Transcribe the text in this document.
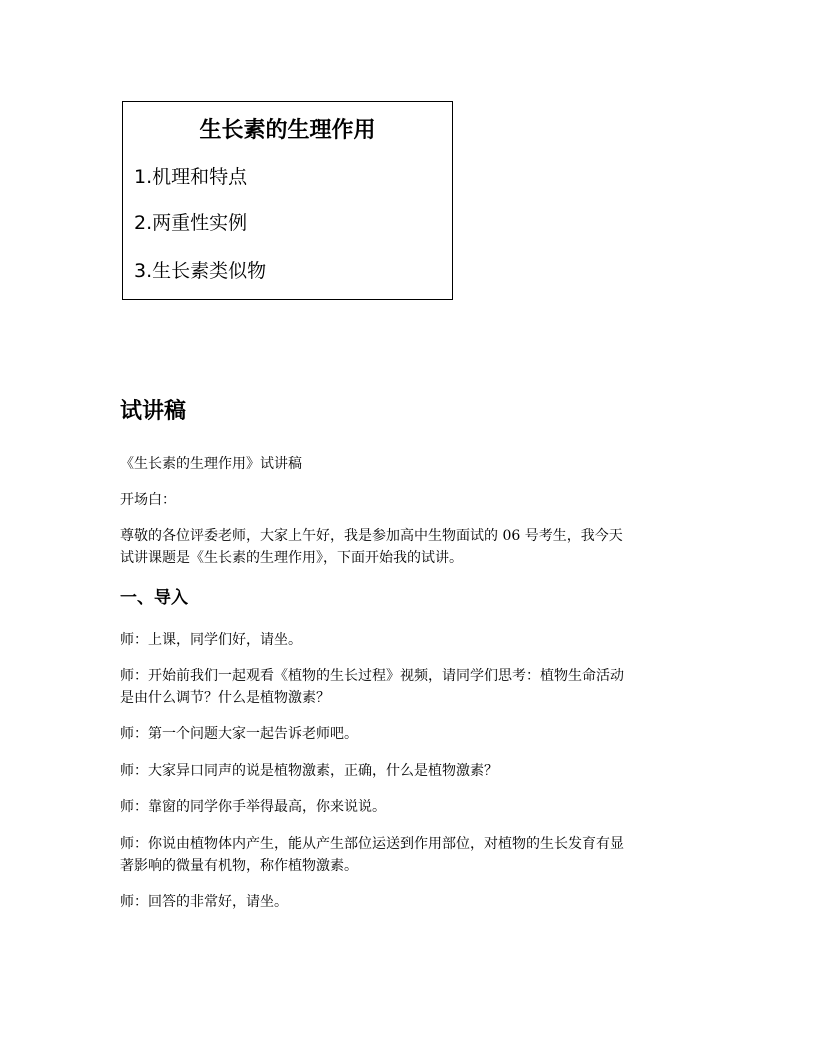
生长素的生理作用
1.机理和特点
2.两重性实例
3.生长素类似物
试讲稿
《生长素的生理作用》试讲稿
开场白：
尊敬的各位评委老师，大家上午好，我是参加高中生物面试的 06 号考生，我今天
试讲课题是《生长素的生理作用》，下面开始我的试讲。
一、导入
师：上课，同学们好，请坐。
师：开始前我们一起观看《植物的生长过程》视频，请同学们思考：植物生命活动
是由什么调节？什么是植物激素？
师：第一个问题大家一起告诉老师吧。
师：大家异口同声的说是植物激素，正确，什么是植物激素？
师：靠窗的同学你手举得最高，你来说说。
师：你说由植物体内产生，能从产生部位运送到作用部位，对植物的生长发育有显
著影响的微量有机物，称作植物激素。
师：回答的非常好，请坐。
